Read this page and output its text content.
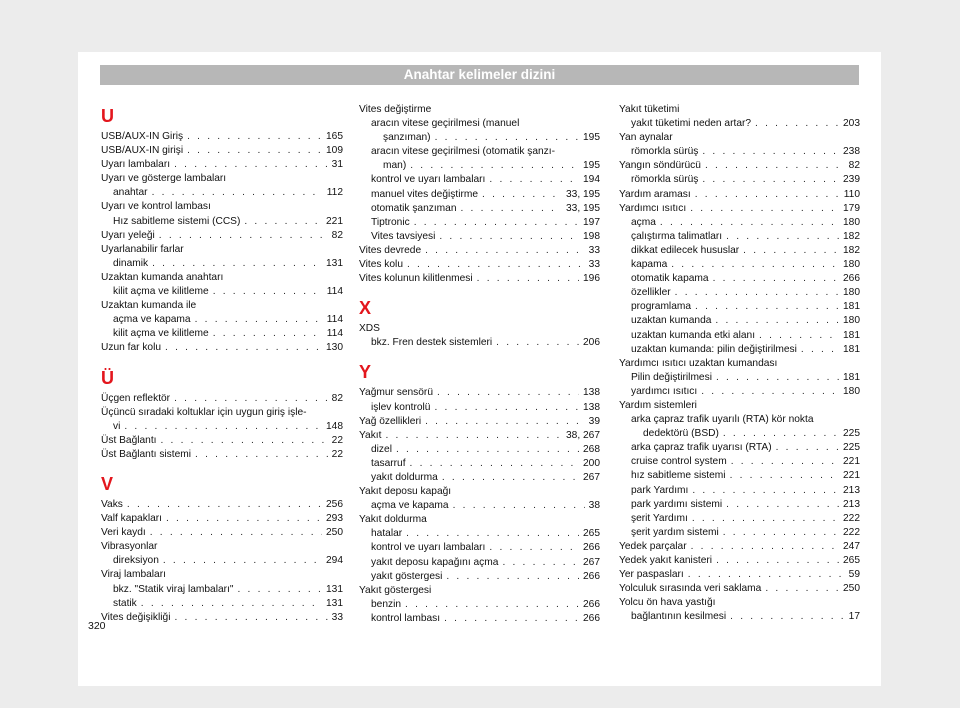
Anahtar kelimeler dizini
U
USB/AUX-IN Giriş . . .	165
USB/AUX-IN girişi . . .	109
Uyarı lambaları . . .	31
Uyarı ve gösterge lambaları
anahtar . . .	112
Uyarı ve kontrol lambası
Hız sabitleme sistemi (CCS) . . .	221
Uyarı yeleği . . .	82
Uyarlanabilir farlar
dinamik . . .	131
Uzaktan kumanda anahtarı
kilit açma ve kilitleme . . .	114
Uzaktan kumanda ile
açma ve kapama . . .	114
kilit açma ve kilitleme . . .	114
Uzun far kolu . . .	130
Ü
Üçgen reflektör . . .	82
Üçüncü sıradaki koltuklar için uygun giriş işle-
vi . . .	148
Üst Bağlantı . . .	22
Üst Bağlantı sistemi . . .	22
V
Vaks . . .	256
Valf kapakları . . .	293
Veri kaydı . . .	250
Vibrasyonlar
direksiyon . . .	294
Viraj lambaları
bkz. "Statik viraj lambaları" . . .	131
statik . . .	131
Vites değişikliği . . .	33
Vites değiştirme
aracın vitese geçirilmesi (manuel
şanzıman) . . .	195
aracın vitese geçirilmesi (otomatik şanzı-
man) . . .	195
kontrol ve uyarı lambaları . . .	194
manuel vites değiştirme . . .	33, 195
otomatik şanzıman . . .	33, 195
Tiptronic . . .	197
Vites tavsiyesi . . .	198
Vites devrede . . .	33
Vites kolu . . .	33
Vites kolunun kilitlenmesi . . .	196
X
XDS
bkz. Fren destek sistemleri . . .	206
Y
Yağmur sensörü . . .	138
işlev kontrolü . . .	138
Yağ özellikleri . . .	39
Yakıt . . .	38, 267
dizel . . .	268
tasarruf . . .	200
yakıt doldurma . . .	267
Yakıt deposu kapağı
açma ve kapama . . .	38
Yakıt doldurma
hatalar . . .	265
kontrol ve uyarı lambaları . . .	266
yakıt deposu kapağını açma . . .	267
yakıt göstergesi . . .	266
Yakıt göstergesi
benzin . . .	266
kontrol lambası . . .	266
Yakıt tüketimi
yakıt tüketimi neden artar? . . .	203
Yan aynalar
römorkla sürüş . . .	238
Yangın söndürücü . . .	82
römorkla sürüş . . .	239
Yardım araması . . .	110
Yardımcı ısıtıcı . . .	179
açma . . .	180
çalıştırma talimatları . . .	182
dikkat edilecek hususlar . . .	182
kapama . . .	180
otomatik kapama . . .	266
özellikler . . .	180
programlama . . .	181
uzaktan kumanda . . .	180
uzaktan kumanda etki alanı . . .	181
uzaktan kumanda: pilin değiştirilmesi . . .	181
Yardımcı ısıtıcı uzaktan kumandası
Pilin değiştirilmesi . . .	181
yardımcı ısıtıcı . . .	180
Yardım sistemleri
arka çapraz trafik uyarılı (RTA) kör nokta
dedektörü (BSD) . . .	225
arka çapraz trafik uyarısı (RTA) . . .	225
cruise control system . . .	221
hız sabitleme sistemi . . .	221
park Yardımı . . .	213
park yardımı sistemi . . .	213
şerit Yardımı . . .	222
şerit yardım sistemi . . .	222
Yedek parçalar . . .	247
Yedek yakıt kanisteri . . .	265
Yer paspasları . . .	59
Yolculuk sırasında veri saklama . . .	250
Yolcu ön hava yastığı
bağlantının kesilmesi . . .	17
320
